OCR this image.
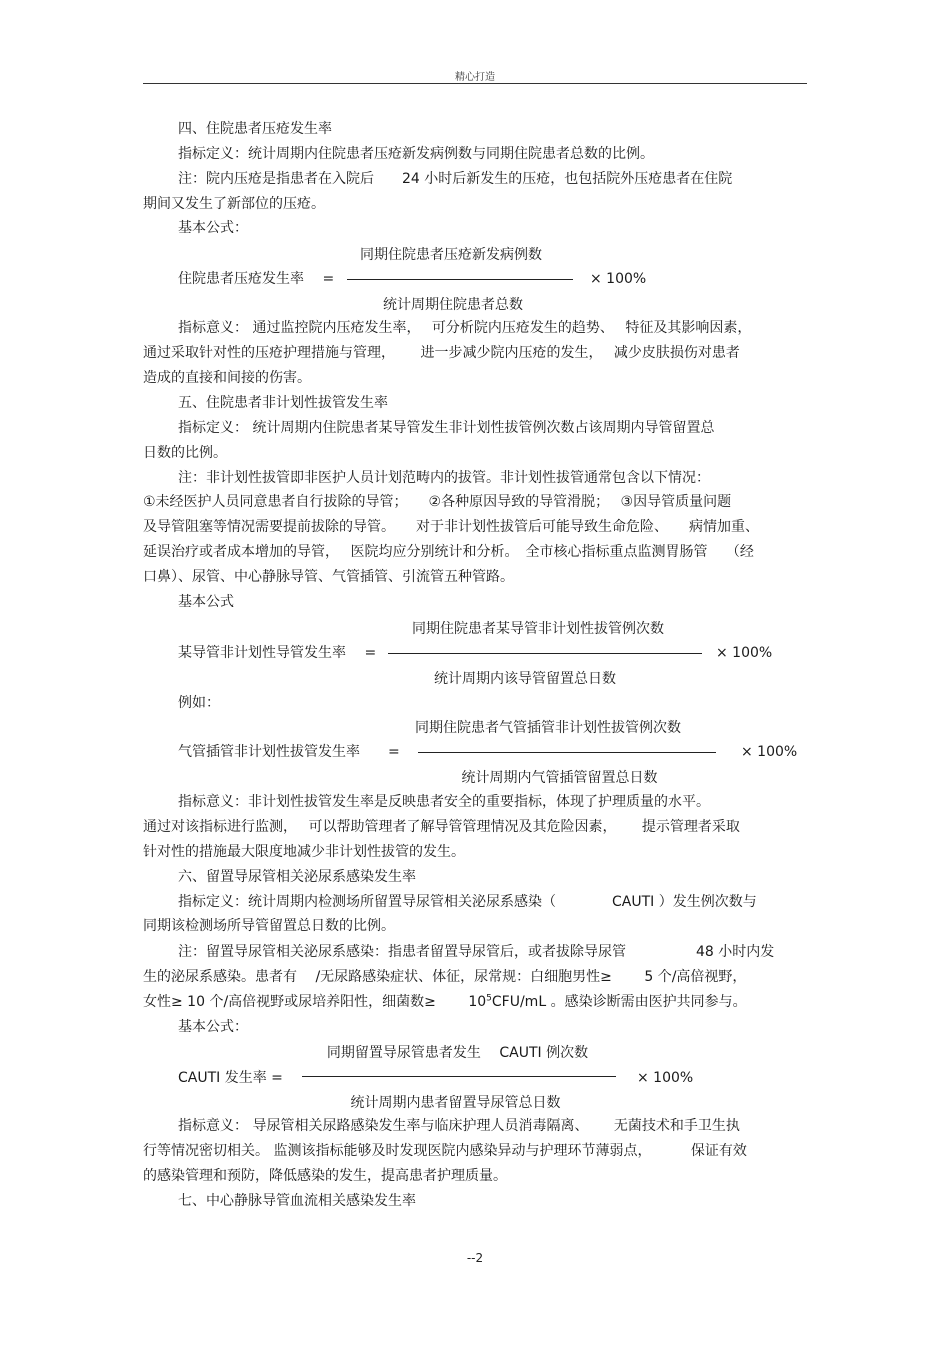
精心打造
四、住院患者压疮发生率
指标定义：统计周期内住院患者压疮新发病例数与同期住院患者总数的比例。
注：院内压疮是指患者在入院后　　24 小时后新发生的压疮，也包括院外压疮患者在住院
期间又发生了新部位的压疮。
基本公式：
同期住院患者压疮新发病例数
住院患者压疮发生率　 =	× 100%
统计周期住院患者总数
指标意义： 通过监控院内压疮发生率，　 可分析院内压疮发生的趋势、　 特征及其影响因素，
通过采取针对性的压疮护理措施与管理，　　 进一步减少院内压疮的发生，　 减少皮肤损伤对患者
造成的直接和间接的伤害。
五、住院患者非计划性拔管发生率
指标定义： 统计周期内住院患者某导管发生非计划性拔管例次数占该周期内导管留置总
日数的比例。
注：非计划性拔管即非医护人员计划范畴内的拔管。非计划性拔管通常包含以下情况：
①未经医护人员同意患者自行拔除的导管；　　②各种原因导致的导管滑脱；　 ③因导管质量问题
及导管阻塞等情况需要提前拔除的导管。　　对于非计划性拔管后可能导致生命危险、　　病情加重、
延误治疗或者成本增加的导管，　 医院均应分别统计和分析。　全市核心指标重点监测胃肠管　 （经
口鼻）、尿管、中心静脉导管、气管插管、引流管五种管路。
基本公式
同期住院患者某导管非计划性拔管例次数
某导管非计划性导管发生率　 =	× 100%
统计周期内该导管留置总日数
例如：
同期住院患者气管插管非计划性拔管例次数
气管插管非计划性拔管发生率　　=	× 100%
统计周期内气管插管留置总日数
指标意义：非计划性拔管发生率是反映患者安全的重要指标，体现了护理质量的水平。
通过对该指标进行监测，　 可以帮助管理者了解导管管理情况及其危险因素，　　 提示管理者采取
针对性的措施最大限度地减少非计划性拔管的发生。
六、留置导尿管相关泌尿系感染发生率
指标定义：统计周期内检测场所留置导尿管相关泌尿系感染（　　　　CAUTI ）发生例次数与
同期该检测场所导管留置总日数的比例。
注：留置导尿管相关泌尿系感染：指患者留置导尿管后，或者拔除导尿管　　　　　48 小时内发
生的泌尿系感染。患者有　 /无尿路感染症状、体征，尿常规：白细胞男性≥　　 5 个/高倍视野，
女性≥ 10 个/高倍视野或尿培养阳性，细菌数≥　　 $10^5CFU/mL$ 。感染诊断需由医护共同参与。
基本公式：
同期留置导尿管患者发生　 CAUTI 例次数
CAUTI 发生率 =	× 100%
统计周期内患者留置导尿管总日数
指标意义： 导尿管相关尿路感染发生率与临床护理人员消毒隔离、　　 无菌技术和手卫生执
行等情况密切相关。 监测该指标能够及时发现医院内感染异动与护理环节薄弱点，　　　 保证有效
的感染管理和预防，降低感染的发生，提高患者护理质量。
七、中心静脉导管血流相关感染发生率
--2
